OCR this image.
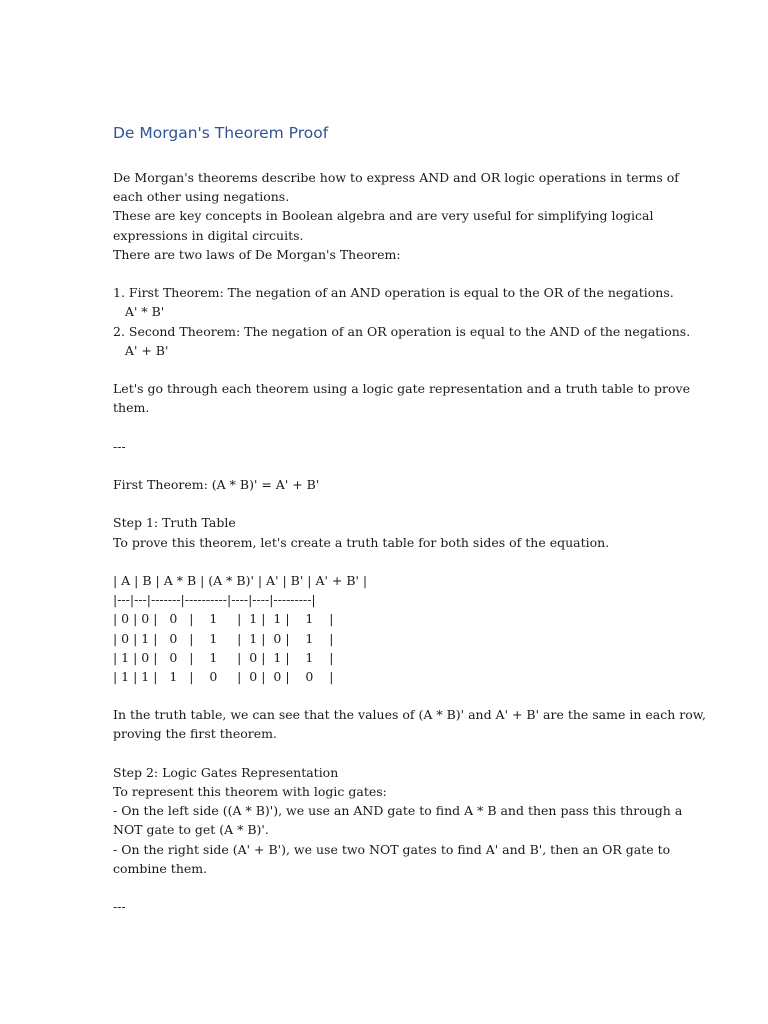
De Morgan's Theorem Proof
De Morgan's theorems describe how to express AND and OR logic operations in terms of
each other using negations.
These are key concepts in Boolean algebra and are very useful for simplifying logical
expressions in digital circuits.
There are two laws of De Morgan's Theorem:
1. First Theorem: The negation of an AND operation is equal to the OR of the negations.
A' * B'
2. Second Theorem: The negation of an OR operation is equal to the AND of the negations.
A' + B'
Let's go through each theorem using a logic gate representation and a truth table to prove
them.
---
First Theorem: (A * B)' = A' + B'
Step 1: Truth Table
To prove this theorem, let's create a truth table for both sides of the equation.
| A | B | A * B | (A * B)' | A' | B' | A' + B' |
|---|---|-------|----------|----|----|---------|
| 0 | 0 |   0   |    1     |  1 |  1 |    1    |
| 0 | 1 |   0   |    1     |  1 |  0 |    1    |
| 1 | 0 |   0   |    1     |  0 |  1 |    1    |
| 1 | 1 |   1   |    0     |  0 |  0 |    0    |
In the truth table, we can see that the values of (A * B)' and A' + B' are the same in each row,
proving the first theorem.
Step 2: Logic Gates Representation
To represent this theorem with logic gates:
- On the left side ((A * B)'), we use an AND gate to find A * B and then pass this through a
NOT gate to get (A * B)'.
- On the right side (A' + B'), we use two NOT gates to find A' and B', then an OR gate to
combine them.
---
